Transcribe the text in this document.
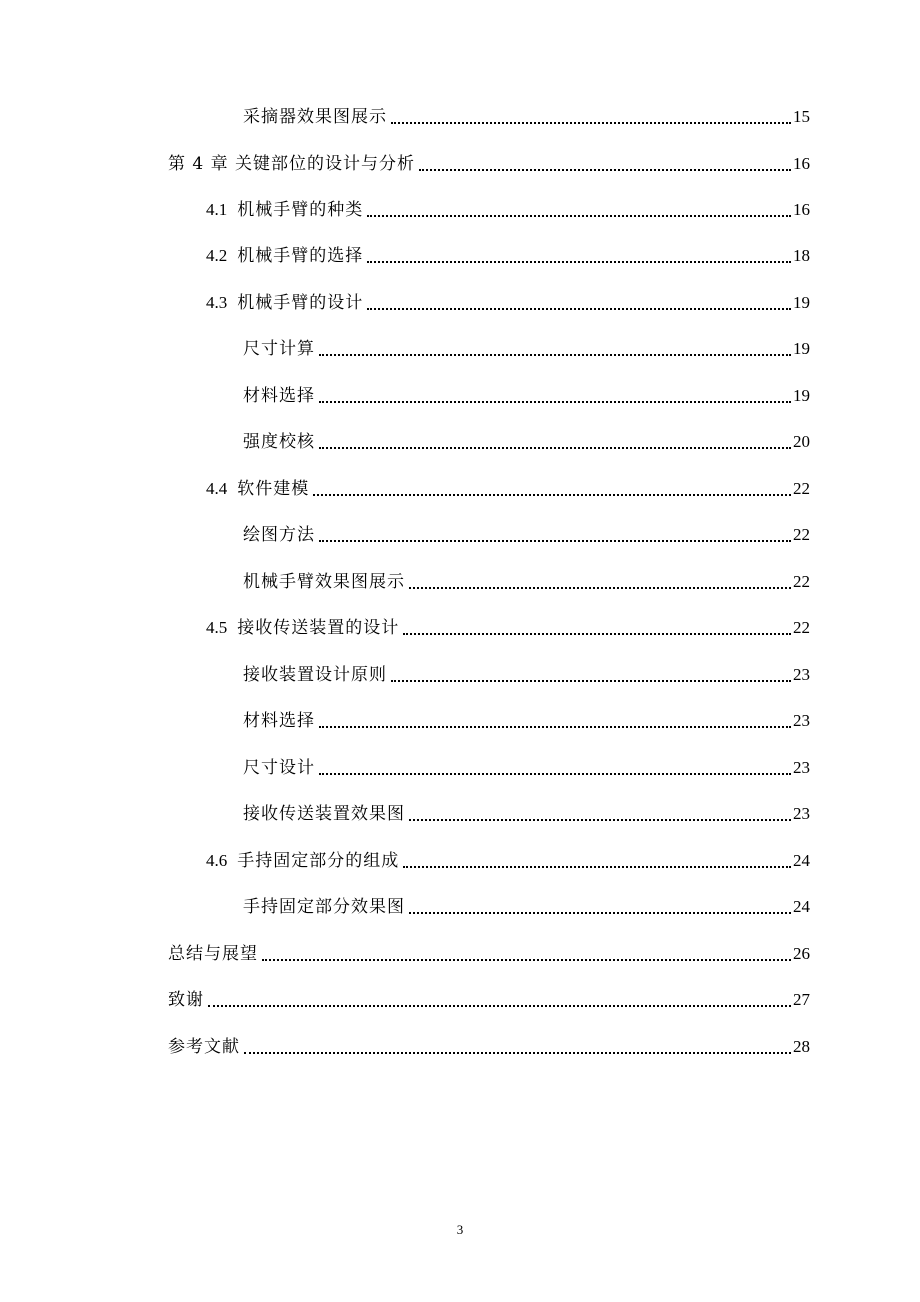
采摘器效果图展示	15
第 4 章 关键部位的设计与分析	16
4.1 机械手臂的种类	16
4.2 机械手臂的选择	18
4.3 机械手臂的设计	19
尺寸计算	19
材料选择	19
强度校核	20
4.4 软件建模	22
绘图方法	22
机械手臂效果图展示	22
4.5 接收传送装置的设计	22
接收装置设计原则	23
材料选择	23
尺寸设计	23
接收传送装置效果图	23
4.6 手持固定部分的组成	24
手持固定部分效果图	24
总结与展望	26
致谢	27
参考文献	28
3
